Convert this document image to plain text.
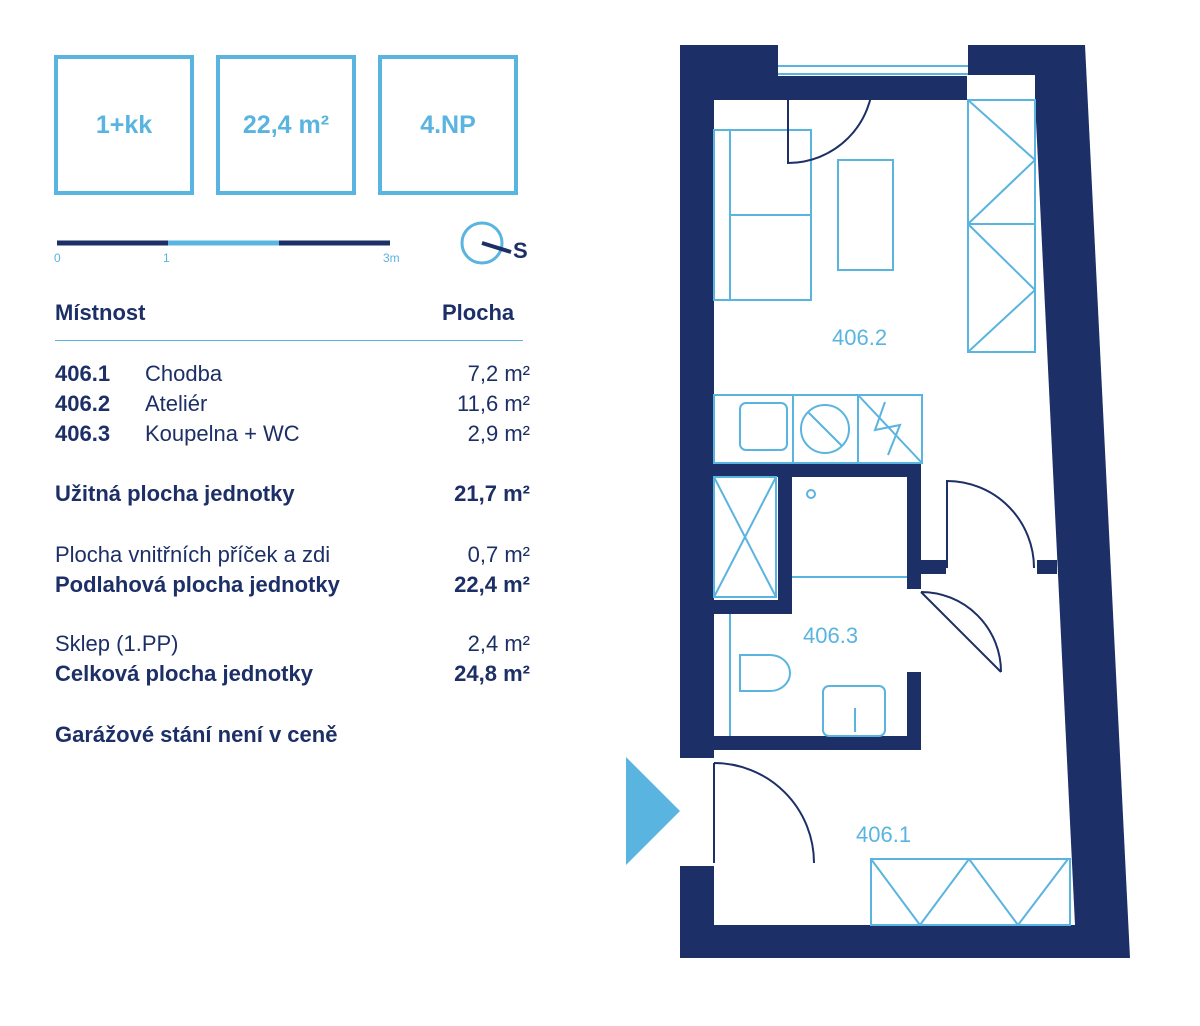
1+kk	22,4 m²	4.NP
0	1	3m	S
Místnost	Plocha
406.1 Chodba	7,2 m²
406.2 Ateliér	11,6 m²
406.3 Koupelna + WC	2,9 m²
Užitná plocha jednotky	21,7 m²
Plocha vnitřních příček a zdi	0,7 m²
Podlahová plocha jednotky	22,4 m²
Sklep (1.PP)	2,4 m²
Celková plocha jednotky	24,8 m²
Garážové stání není v ceně
406.2
406.3
406.1
